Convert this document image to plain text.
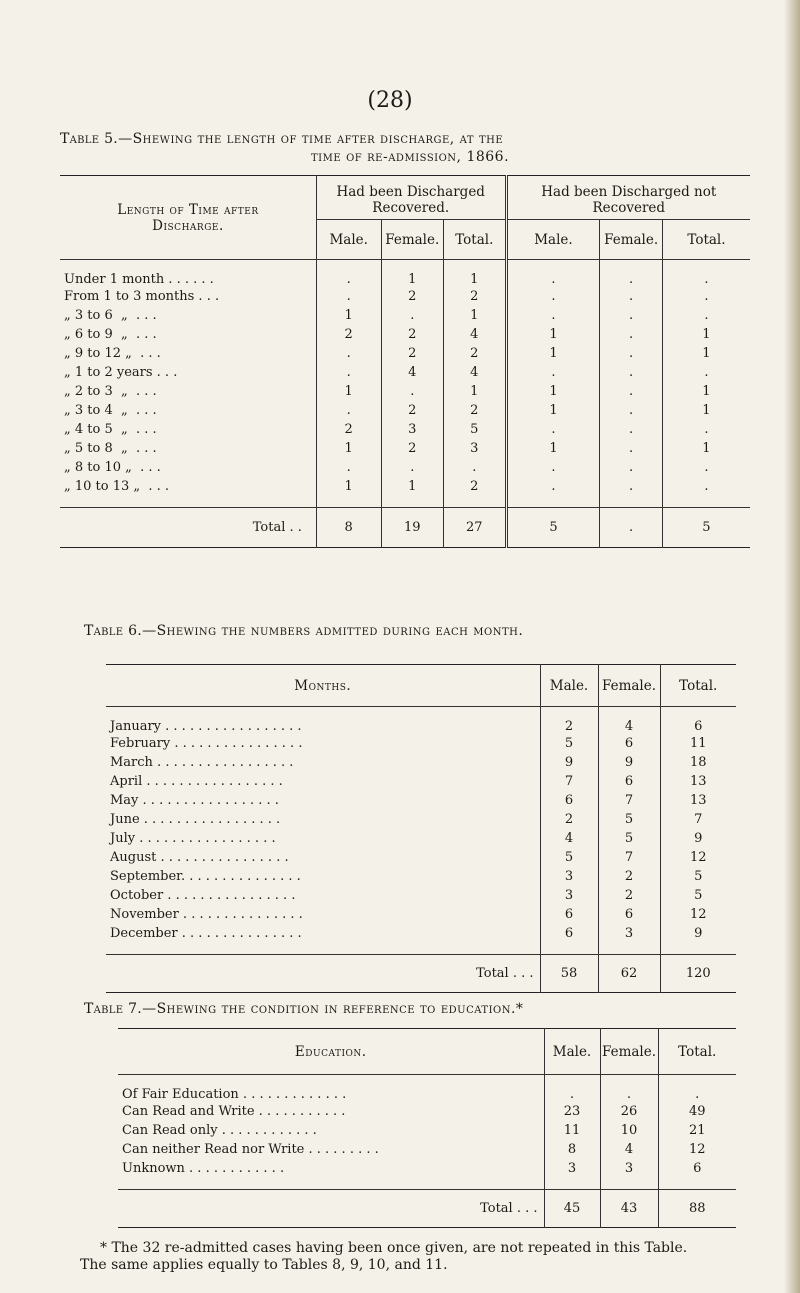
(28)
Table 5.—Shewing the length of time after discharge, at the
time of re-admission, 1866.
Length of Time after Discharge.	Had been Discharged Recovered.			Had been Discharged not Recovered		
	Male.	Female.	Total.	Male.	Female.	Total.
Under 1 month . . . . . .	.	1	1	.	.	.
From 1 to 3 months . . .	.	2	2	.	.	.
„ 3 to 6  „  . . .	1	.	1	.	.	.
„ 6 to 9  „  . . .	2	2	4	1	.	1
„ 9 to 12 „  . . .	.	2	2	1	.	1
„ 1 to 2 years . . .	.	4	4	.	.	.
„ 2 to 3  „  . . .	1	.	1	1	.	1
„ 3 to 4  „  . . .	.	2	2	1	.	1
„ 4 to 5  „  . . .	2	3	5	.	.	.
„ 5 to 8  „  . . .	1	2	3	1	.	1
„ 8 to 10 „  . . .	.	.	.	.	.	.
„ 10 to 13 „  . . .	1	1	2	.	.	.

Total . .	8	19	27	5	.	5
Table 6.—Shewing the numbers admitted during each month.
Months.	Male.	Female.	Total.
January . . . . . . . . . . . . . . . . .	2	4	6
February . . . . . . . . . . . . . . . .	5	6	11
March . . . . . . . . . . . . . . . . .	9	9	18
April . . . . . . . . . . . . . . . . .	7	6	13
May . . . . . . . . . . . . . . . . .	6	7	13
June . . . . . . . . . . . . . . . . .	2	5	7
July . . . . . . . . . . . . . . . . .	4	5	9
August . . . . . . . . . . . . . . . .	5	7	12
September. . . . . . . . . . . . . . .	3	2	5
October . . . . . . . . . . . . . . . .	3	2	5
November . . . . . . . . . . . . . . .	6	6	12
December . . . . . . . . . . . . . . .	6	3	9

Total . . .	58	62	120
Table 7.—Shewing the condition in reference to education.*
Education.	Male.	Female.	Total.
Of Fair Education . . . . . . . . . . . . .	.	.	.
Can Read and Write . . . . . . . . . . .	23	26	49
Can Read only . . . . . . . . . . . .	11	10	21
Can neither Read nor Write . . . . . . . . .	8	4	12
Unknown . . . . . . . . . . . .	3	3	6

Total . . .	45	43	88
* The 32 re-admitted cases having been once given, are not repeated in this Table.
The same applies equally to Tables 8, 9, 10, and 11.
